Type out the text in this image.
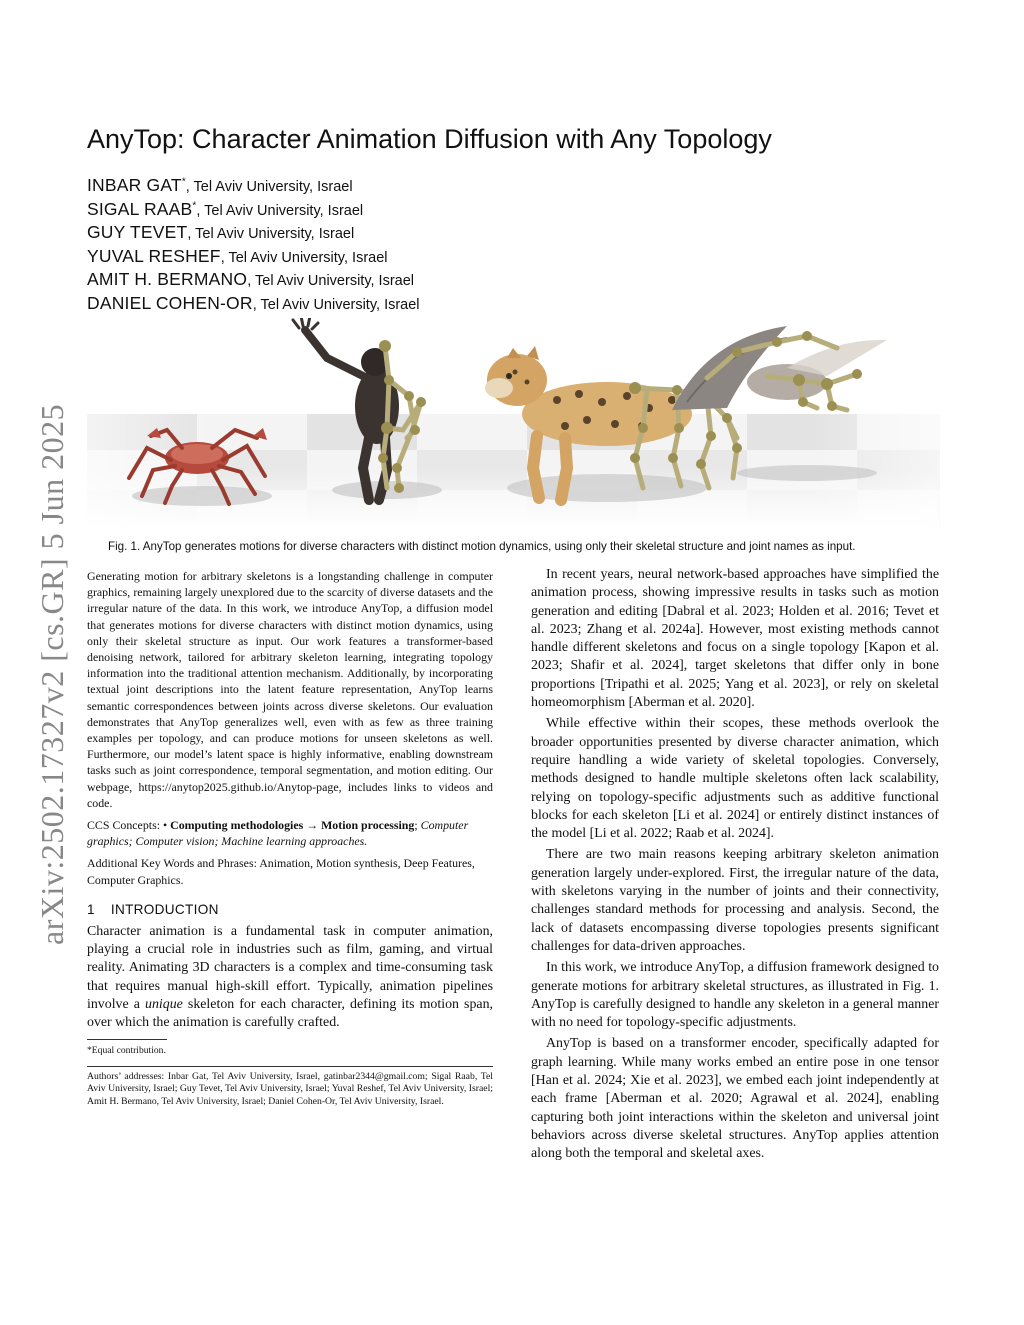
arXiv:2502.17327v2 [cs.GR] 5 Jun 2025
AnyTop: Character Animation Diffusion with Any Topology
INBAR GAT*, Tel Aviv University, Israel
SIGAL RAAB*, Tel Aviv University, Israel
GUY TEVET, Tel Aviv University, Israel
YUVAL RESHEF, Tel Aviv University, Israel
AMIT H. BERMANO, Tel Aviv University, Israel
DANIEL COHEN-OR, Tel Aviv University, Israel
Fig. 1. AnyTop generates motions for diverse characters with distinct motion dynamics, using only their skeletal structure and joint names as input.

Generating motion for arbitrary skeletons is a longstanding challenge in computer graphics, remaining largely unexplored due to the scarcity of diverse datasets and the irregular nature of the data. In this work, we introduce AnyTop, a diffusion model that generates motions for diverse characters with distinct motion dynamics, using only their skeletal structure as input. Our work features a transformer-based denoising network, tailored for arbitrary skeleton learning, integrating topology information into the traditional attention mechanism. Additionally, by incorporating textual joint descriptions into the latent feature representation, AnyTop learns semantic correspondences between joints across diverse skeletons. Our evaluation demonstrates that AnyTop generalizes well, even with as few as three training examples per topology, and can produce motions for unseen skeletons as well. Furthermore, our model’s latent space is highly informative, enabling downstream tasks such as joint correspondence, temporal segmentation, and motion editing. Our webpage, https://anytop2025.github.io/Anytop-page, includes links to videos and code.

CCS Concepts: • Computing methodologies → Motion processing; Computer graphics; Computer vision; Machine learning approaches.

Additional Key Words and Phrases: Animation, Motion synthesis, Deep Features, Computer Graphics.

1 INTRODUCTION

Character animation is a fundamental task in computer animation, playing a crucial role in industries such as film, gaming, and virtual reality. Animating 3D characters is a complex and time-consuming task that requires manual high-skill effort. Typically, animation pipelines involve a unique skeleton for each character, defining its motion span, over which the animation is carefully crafted.

*Equal contribution.

Authors’ addresses: Inbar Gat, Tel Aviv University, Israel, gatinbar2344@gmail.com; Sigal Raab, Tel Aviv University, Israel; Guy Tevet, Tel Aviv University, Israel; Yuval Reshef, Tel Aviv University, Israel; Amit H. Bermano, Tel Aviv University, Israel; Daniel Cohen-Or, Tel Aviv University, Israel.

In recent years, neural network-based approaches have simplified the animation process, showing impressive results in tasks such as motion generation and editing [Dabral et al. 2023; Holden et al. 2016; Tevet et al. 2023; Zhang et al. 2024a]. However, most existing methods cannot handle different skeletons and focus on a single topology [Kapon et al. 2023; Shafir et al. 2024], target skeletons that differ only in bone proportions [Tripathi et al. 2025; Yang et al. 2023], or rely on skeletal homeomorphism [Aberman et al. 2020].

While effective within their scopes, these methods overlook the broader opportunities presented by diverse character animation, which require handling a wide variety of skeletal topologies. Conversely, methods designed to handle multiple skeletons often lack scalability, relying on topology-specific adjustments such as additive functional blocks for each skeleton [Li et al. 2024] or entirely distinct instances of the model [Li et al. 2022; Raab et al. 2024].

There are two main reasons keeping arbitrary skeleton animation generation largely under-explored. First, the irregular nature of the data, with skeletons varying in the number of joints and their connectivity, challenges standard methods for processing and analysis. Second, the lack of datasets encompassing diverse topologies presents significant challenges for data-driven approaches.

In this work, we introduce AnyTop, a diffusion framework designed to generate motions for arbitrary skeletal structures, as illustrated in Fig. 1. AnyTop is carefully designed to handle any skeleton in a general manner with no need for topology-specific adjustments.

AnyTop is based on a transformer encoder, specifically adapted for graph learning. While many works embed an entire pose in one tensor [Han et al. 2024; Xie et al. 2023], we embed each joint independently at each frame [Aberman et al. 2020; Agrawal et al. 2024], enabling capturing both joint interactions within the skeleton and universal joint behaviors across diverse skeletal structures. AnyTop applies attention along both the temporal and skeletal axes.
